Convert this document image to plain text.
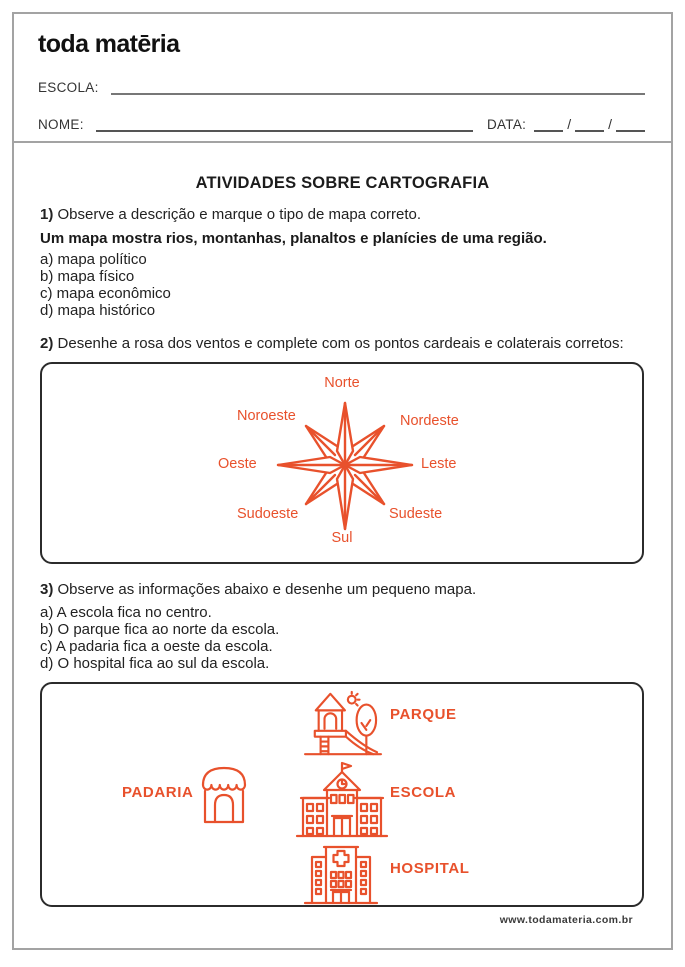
toda matēria
ESCOLA:
NOME:	DATA:	/	/
ATIVIDADES SOBRE CARTOGRAFIA

1) Observe a descrição e marque o tipo de mapa correto.

Um mapa mostra rios, montanhas, planaltos e planícies de uma região.

a) mapa político
b) mapa físico
c) mapa econômico
d) mapa histórico

2) Desenhe a rosa dos ventos e complete com os pontos cardeais e colaterais corretos:

Norte
Noroeste	Nordeste
Oeste	Leste
Sudoeste	Sudeste
Sul

3) Observe as informações abaixo e desenhe um pequeno mapa.

a) A escola fica no centro.
b) O parque fica ao norte da escola.
c) A padaria fica a oeste da escola.
d) O hospital fica ao sul da escola.
PARQUE
PADARIA	ESCOLA
HOSPITAL
www.todamateria.com.br
